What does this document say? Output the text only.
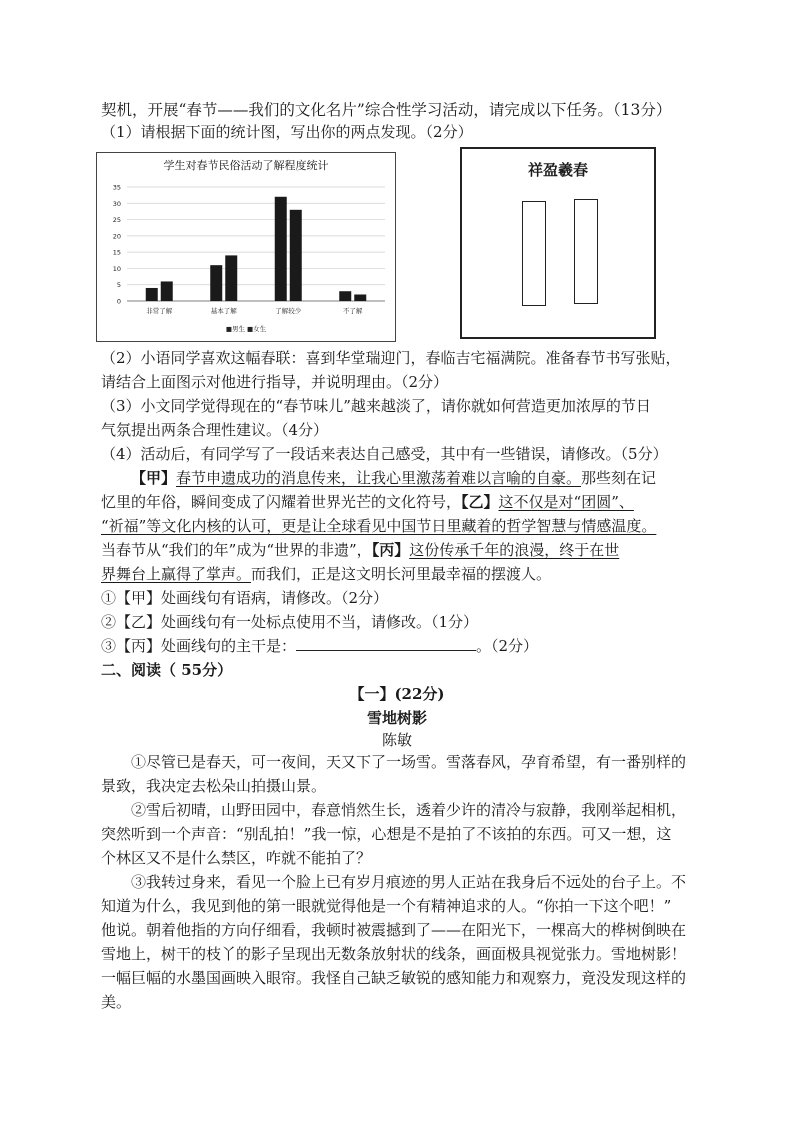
契机，开展“春节——我们的文化名片”综合性学习活动，请完成以下任务。（13分）
（1）请根据下面的统计图，写出你的两点发现。（2分）
学生对春节民俗活动了解程度统计
0
5
10
15
20
25
30
35
非常了解	基本了解	了解较少	不了解
■男生 ■女生
祥盈羲春
（2）小语同学喜欢这幅春联：喜到华堂瑞迎门，春临吉宅福满院。准备春节书写张贴，
请结合上面图示对他进行指导，并说明理由。（2分）
（3）小文同学觉得现在的“春节味儿”越来越淡了，请你就如何营造更加浓厚的节日
气氛提出两条合理性建议。（4分）
（4）活动后，有同学写了一段话来表达自己感受，其中有一些错误，请修改。（5分）
【甲】春节申遗成功的消息传来，让我心里激荡着难以言喻的自豪。那些刻在记
忆里的年俗，瞬间变成了闪耀着世界光芒的文化符号，【乙】这不仅是对“团圆”、
“祈福”等文化内核的认可，更是让全球看见中国节日里藏着的哲学智慧与情感温度。
当春节从“我们的年”成为“世界的非遗”，【丙】这份传承千年的浪漫，终于在世
界舞台上赢得了掌声。而我们，正是这文明长河里最幸福的摆渡人。
①【甲】处画线句有语病，请修改。（2分）
②【乙】处画线句有一处标点使用不当，请修改。（1分）
③【丙】处画线句的主干是：	。（2分）
二、阅读（ 55分）
【一】(22分)
雪地树影
陈敏
①尽管已是春天，可一夜间，天又下了一场雪。雪落春风，孕育希望，有一番别样的
景致，我决定去松朵山拍摄山景。
②雪后初晴，山野田园中，春意悄然生长，透着少许的清冷与寂静，我刚举起相机，
突然听到一个声音：“别乱拍！”我一惊，心想是不是拍了不该拍的东西。可又一想，这
个林区又不是什么禁区，咋就不能拍了？
③我转过身来，看见一个脸上已有岁月痕迹的男人正站在我身后不远处的台子上。不
知道为什么，我见到他的第一眼就觉得他是一个有精神追求的人。“你拍一下这个吧！”
他说。朝着他指的方向仔细看，我顿时被震撼到了——在阳光下，一棵高大的桦树倒映在
雪地上，树干的枝丫的影子呈现出无数条放射状的线条，画面极具视觉张力。雪地树影！
一幅巨幅的水墨国画映入眼帘。我怪自己缺乏敏锐的感知能力和观察力，竟没发现这样的
美。
